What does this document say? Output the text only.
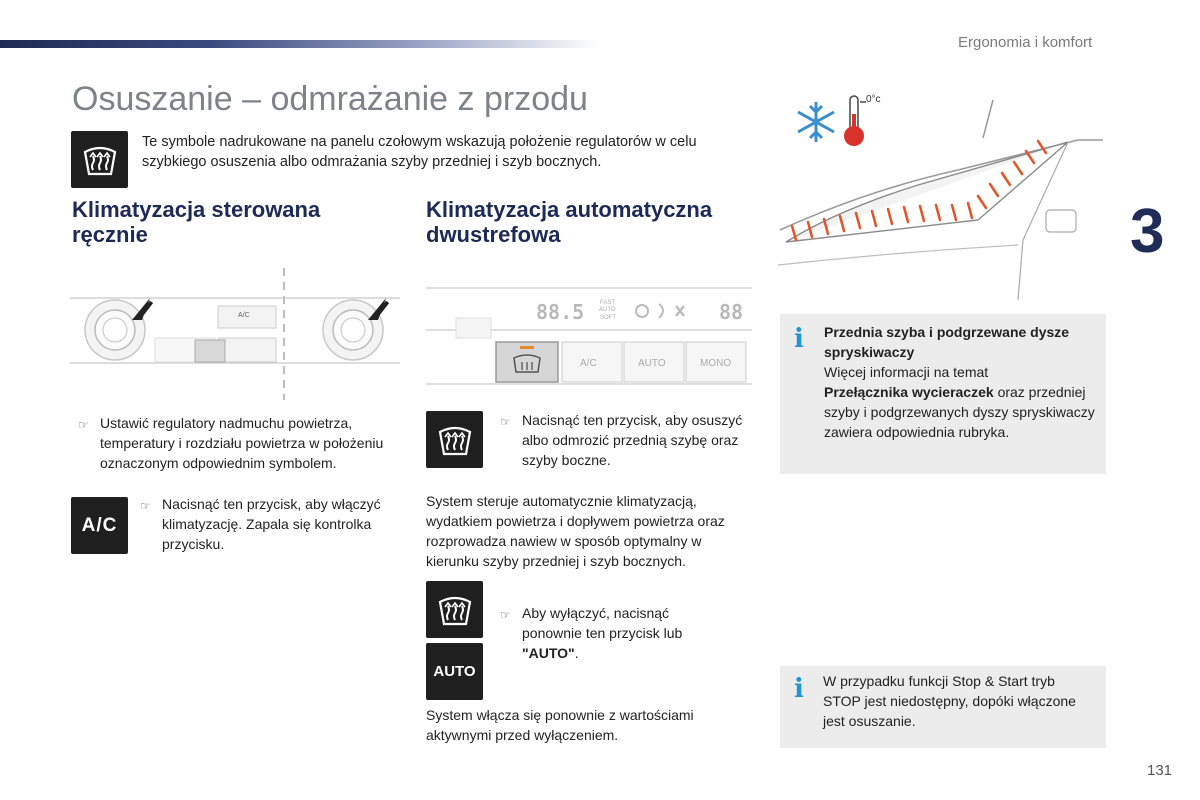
Ergonomia i komfort
Osuszanie – odmrażanie z przodu
Te symbole nadrukowane na panelu czołowym wskazują położenie regulatorów w celu szybkiego osuszenia albo odmrażania szyby przedniej i szyb bocznych.
3
Klimatyzacja sterowana ręcznie
A/C
☞ Ustawić regulatory nadmuchu powietrza, temperatury i rozdziału powietrza w położeniu oznaczonym odpowiednim symbolem.
A/C
☞ Nacisnąć ten przycisk, aby włączyć klimatyzację. Zapala się kontrolka przycisku.
Klimatyzacja automatyczna dwustrefowa
88.5	FAST
AUTO
SOFT	88
A/C	AUTO	MONO
☞ Nacisnąć ten przycisk, aby osuszyć albo odmrozić przednią szybę oraz szyby boczne.
System steruje automatycznie klimatyzacją, wydatkiem powietrza i dopływem powietrza oraz rozprowadza nawiew w sposób optymalny w kierunku szyby przedniej i szyb bocznych.
AUTO
☞ Aby wyłączyć, nacisnąć ponownie ten przycisk lub "AUTO".
System włącza się ponownie z wartościami aktywnymi przed wyłączeniem.
0°c
i Przednia szyba i podgrzewane dysze spryskiwaczy
Więcej informacji na temat
Przełącznika wycieraczek oraz przedniej szyby i podgrzewanych dyszy spryskiwaczy zawiera odpowiednia rubryka.
i W przypadku funkcji Stop & Start tryb STOP jest niedostępny, dopóki włączone jest osuszanie.
131
